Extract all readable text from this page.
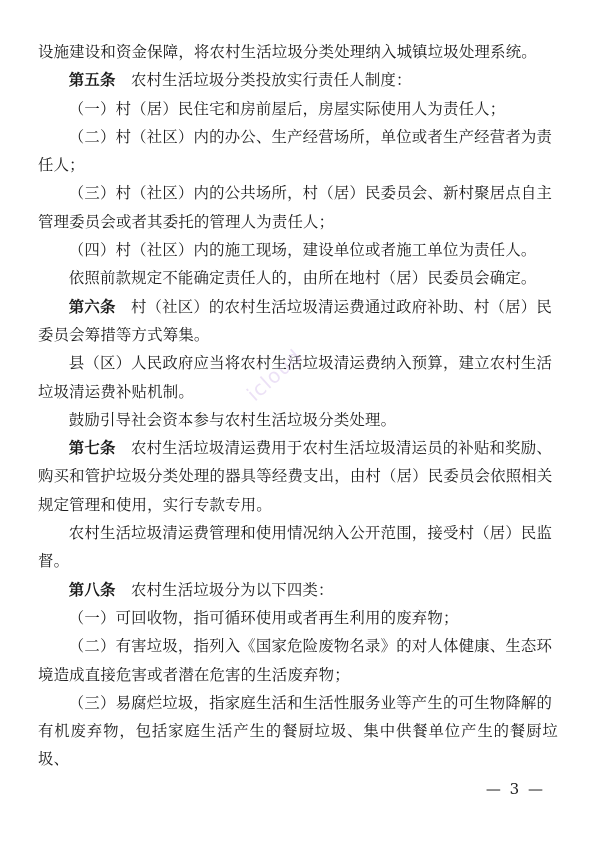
设施建设和资金保障，将农村生活垃圾分类处理纳入城镇垃圾处理系统。

第五条 农村生活垃圾分类投放实行责任人制度：

（一）村（居）民住宅和房前屋后，房屋实际使用人为责任人；

（二）村（社区）内的办公、生产经营场所，单位或者生产经营者为责

任人；

（三）村（社区）内的公共场所，村（居）民委员会、新村聚居点自主

管理委员会或者其委托的管理人为责任人；

（四）村（社区）内的施工现场，建设单位或者施工单位为责任人。

依照前款规定不能确定责任人的，由所在地村（居）民委员会确定。

第六条 村（社区）的农村生活垃圾清运费通过政府补助、村（居）民

委员会筹措等方式筹集。

县（区）人民政府应当将农村生活垃圾清运费纳入预算，建立农村生活

垃圾清运费补贴机制。

鼓励引导社会资本参与农村生活垃圾分类处理。

第七条 农村生活垃圾清运费用于农村生活垃圾清运员的补贴和奖励、

购买和管护垃圾分类处理的器具等经费支出，由村（居）民委员会依照相关

规定管理和使用，实行专款专用。

农村生活垃圾清运费管理和使用情况纳入公开范围，接受村（居）民监

督。

第八条 农村生活垃圾分为以下四类：

（一）可回收物，指可循环使用或者再生利用的废弃物；

（二）有害垃圾，指列入《国家危险废物名录》的对人体健康、生态环

境造成直接危害或者潜在危害的生活废弃物；

（三）易腐烂垃圾，指家庭生活和生活性服务业等产生的可生物降解的

有机废弃物，包括家庭生活产生的餐厨垃圾、集中供餐单位产生的餐厨垃圾、

icloud
— 3 —
